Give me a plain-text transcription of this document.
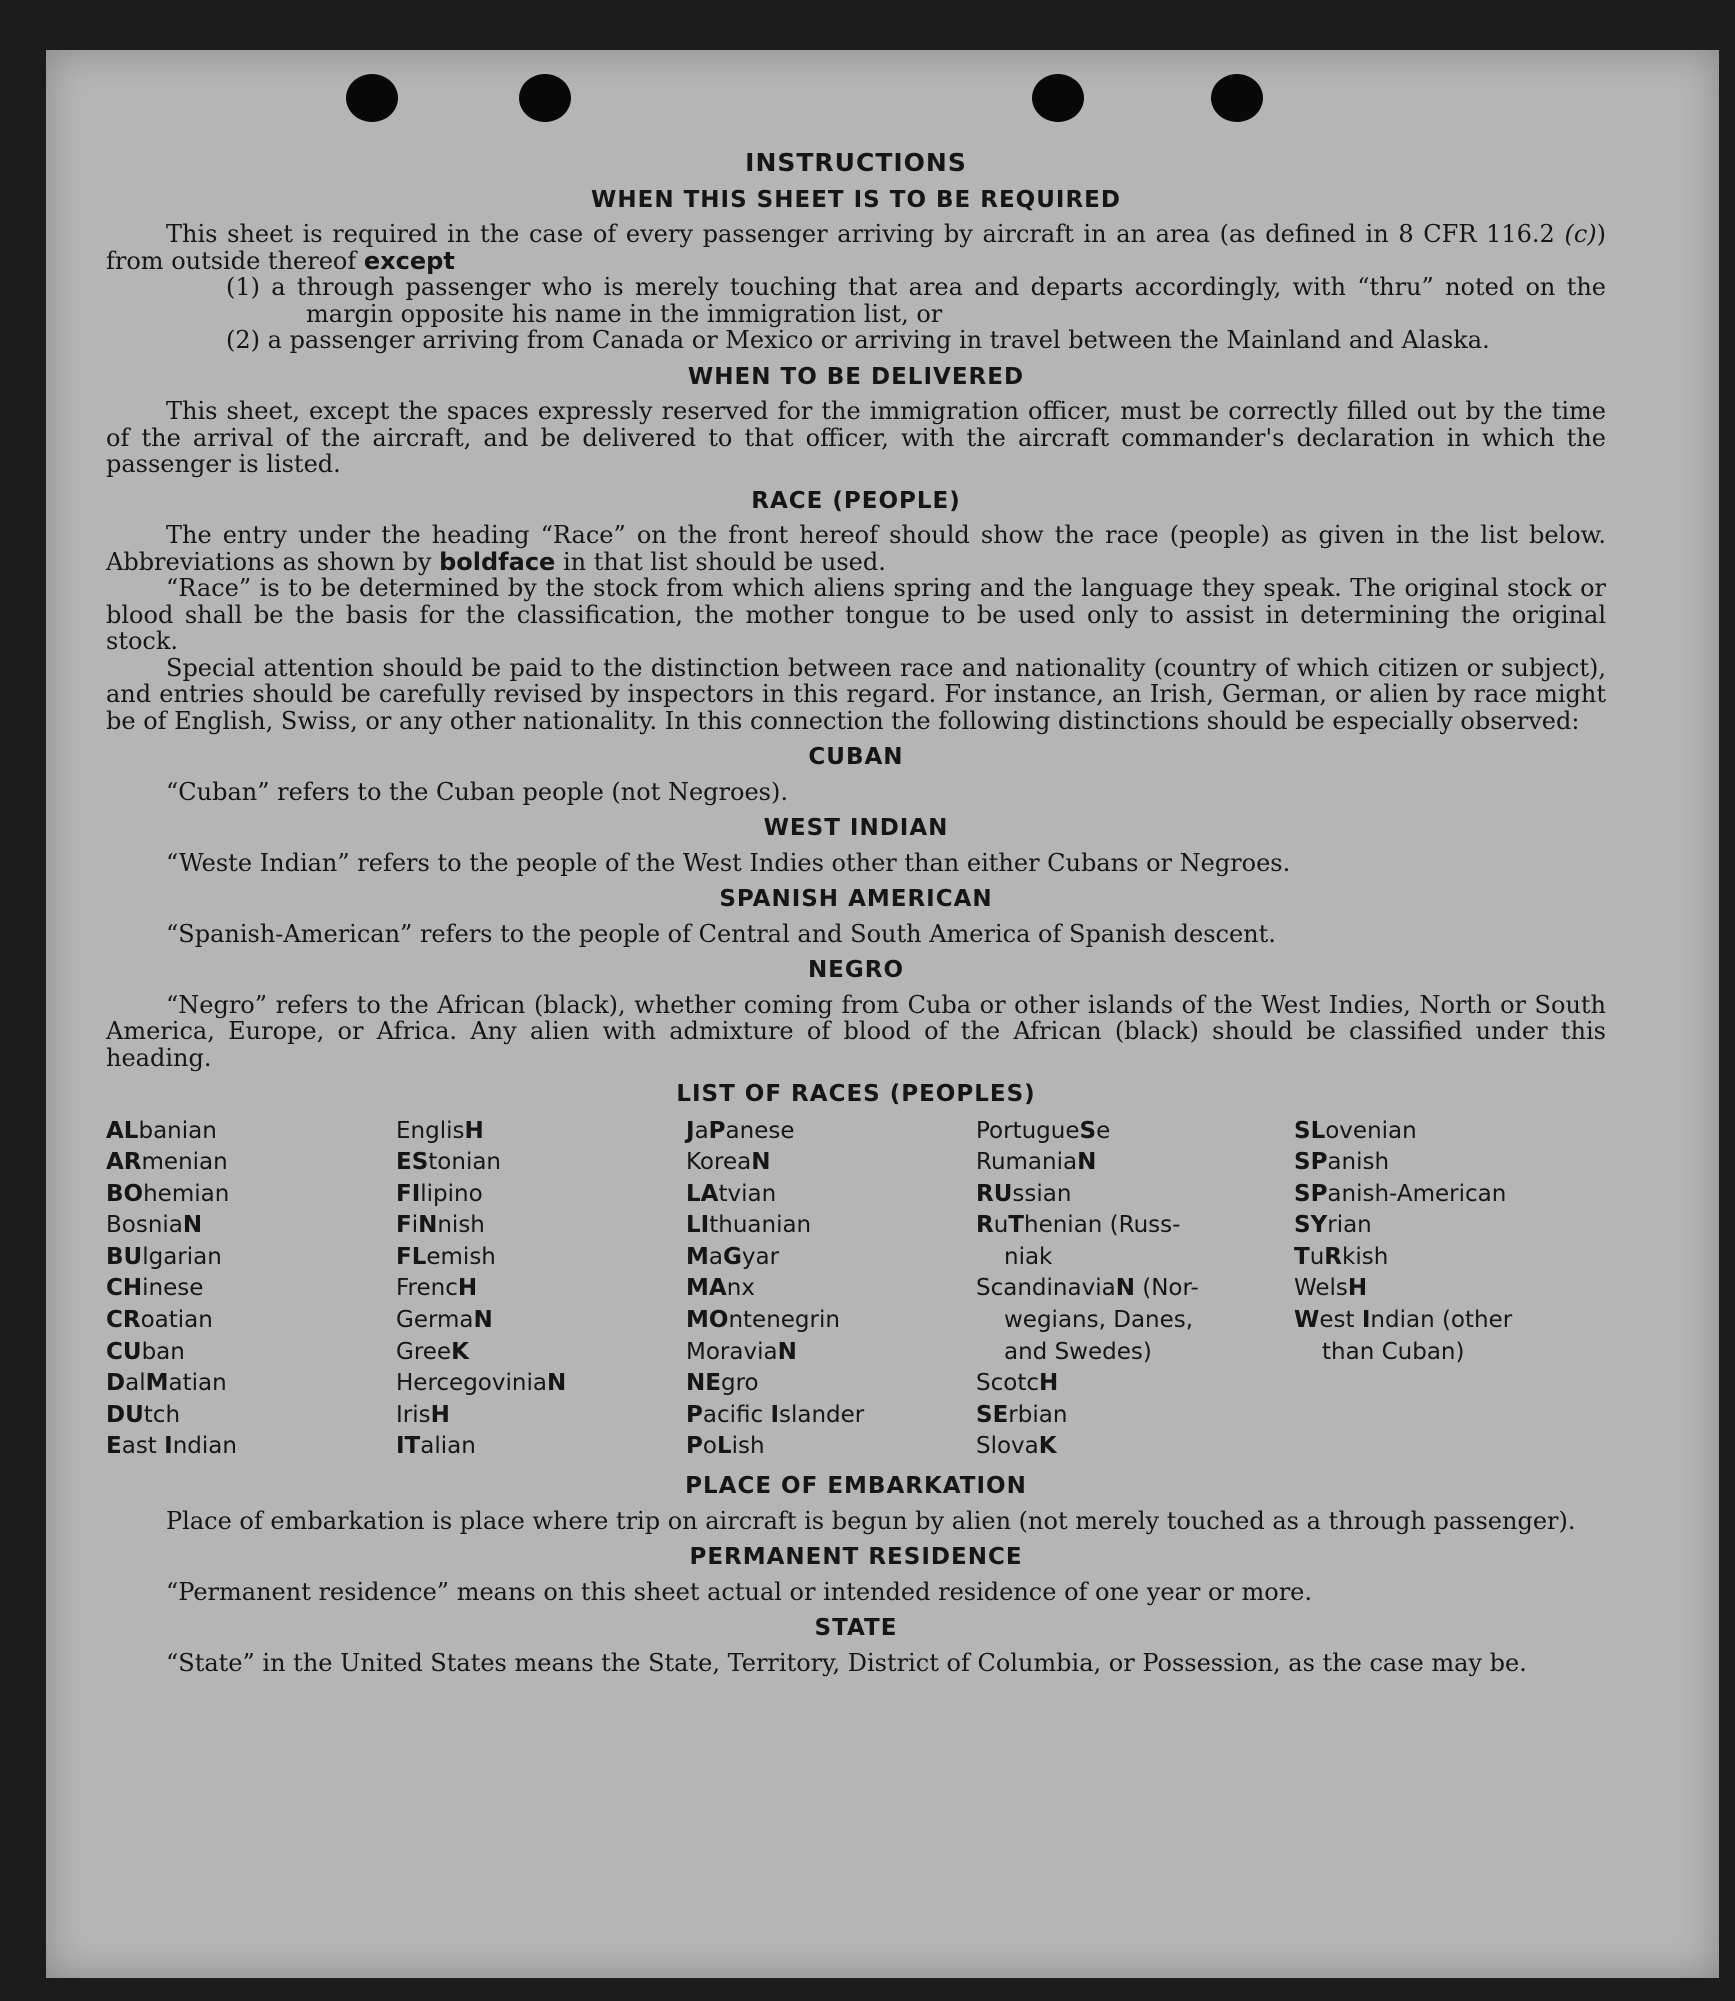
INSTRUCTIONS
WHEN THIS SHEET IS TO BE REQUIRED

This sheet is required in the case of every passenger arriving by aircraft in an area (as defined in 8 CFR 116.2 (c)) from outside thereof except

(1) a through passenger who is merely touching that area and departs accordingly, with “thru” noted on the margin opposite his name in the immigration list, or

(2) a passenger arriving from Canada or Mexico or arriving in travel between the Mainland and Alaska.

WHEN TO BE DELIVERED

This sheet, except the spaces expressly reserved for the immigration officer, must be correctly filled out by the time of the arrival of the aircraft, and be delivered to that officer, with the aircraft commander's declaration in which the passenger is listed.

RACE (PEOPLE)

The entry under the heading “Race” on the front hereof should show the race (people) as given in the list below. Abbreviations as shown by boldface in that list should be used.

“Race” is to be determined by the stock from which aliens spring and the language they speak. The original stock or blood shall be the basis for the classification, the mother tongue to be used only to assist in determining the original stock.

Special attention should be paid to the distinction between race and nationality (country of which citizen or subject), and entries should be carefully revised by inspectors in this regard. For instance, an Irish, German, or alien by race might be of English, Swiss, or any other nationality. In this connection the following distinctions should be especially observed:

CUBAN

“Cuban” refers to the Cuban people (not Negroes).

WEST INDIAN

“Weste Indian” refers to the people of the West Indies other than either Cubans or Negroes.

SPANISH AMERICAN

“Spanish-American” refers to the people of Central and South America of Spanish descent.

NEGRO

“Negro” refers to the African (black), whether coming from Cuba or other islands of the West Indies, North or South America, Europe, or Africa. Any alien with admixture of blood of the African (black) should be classified under this heading.

LIST OF RACES (PEOPLES)
ALbanian
ARmenian
BOhemian
BosniaN
BUlgarian
CHinese
CRoatian
CUban
DalMatian
DUtch
East Indian
EnglisH
EStonian
FIlipino
FiNnish
FLemish
FrencH
GermaN
GreeK
HercegoviniaN
IrisH
ITalian
JaPanese
KoreaN
LAtvian
LIthuanian
MaGyar
MAnx
MOntenegrin
MoraviaN
NEgro
Pacific Islander
PoLish
PortugueSe
RumaniaN
RUssian
RuThenian (Russ-
niak
ScandinaviaN (Nor-
wegians, Danes,
and Swedes)
ScotcH
SErbian
SlovaK
SLovenian
SPanish
SPanish-American
SYrian
TuRkish
WelsH
West Indian (other
than Cuban)
PLACE OF EMBARKATION

Place of embarkation is place where trip on aircraft is begun by alien (not merely touched as a through passenger).

PERMANENT RESIDENCE

“Permanent residence” means on this sheet actual or intended residence of one year or more.

STATE

“State” in the United States means the State, Territory, District of Columbia, or Possession, as the case may be.
